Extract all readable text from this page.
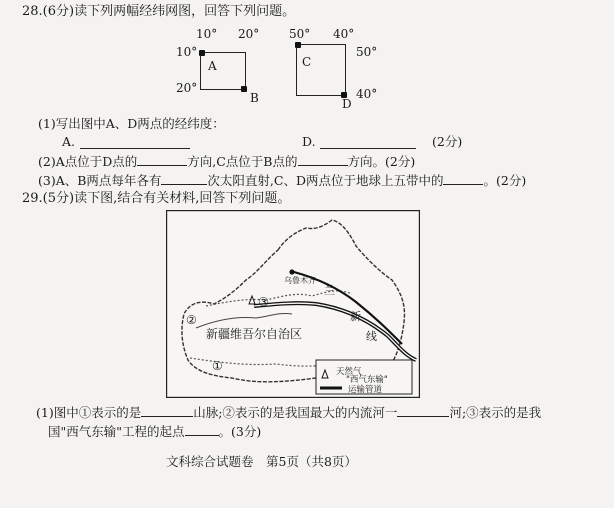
28.(6分)读下列两幅经纬网图，回答下列问题。
10° 20°
10°
20°
A
B
50° 40°
50°
40°
C
D
(1)写出图中A、D两点的经纬度：
A.	D.	(2分)
(2)A点位于D点的	方向,C点位于B点的	方向。(2分)
(3)A、B两点每年各有	次太阳直射,C、D两点位于地球上五带中的	。(2分)
29.(5分)读下图,结合有关材料,回答下列问题。
乌鲁木齐
兰
新
线
新疆维吾尔自治区
①
②
③
天然气
"西气东输"
运输管道
(1)图中①表示的是	山脉;②表示的是我国最大的内流河一	河;③表示的是我
国"西气东输"工程的起点	。(3分)
文科综合试题卷　第5页（共8页）
